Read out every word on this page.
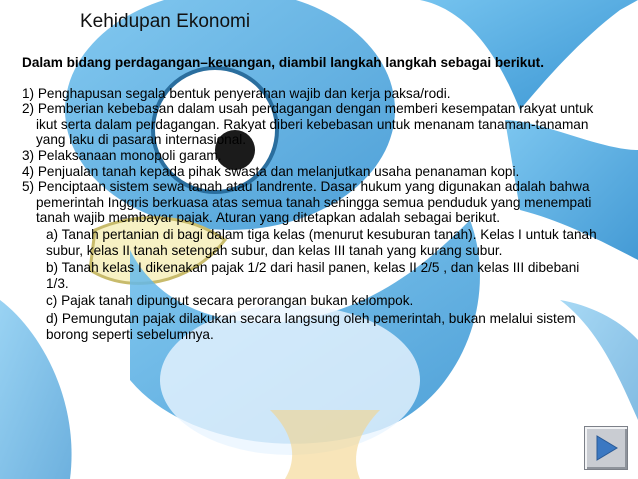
Kehidupan Ekonomi

Dalam bidang perdagangan–keuangan, diambil langkah langkah sebagai berikut.

1) Penghapusan segala bentuk penyerahan wajib dan kerja paksa/rodi.

2) Pemberian kebebasan dalam usah perdagangan dengan memberi kesempatan rakyat untuk ikut serta dalam perdagangan. Rakyat diberi kebebasan untuk menanam tanaman-tanaman yang laku di pasaran internasional.

3) Pelaksanaan monopoli garam.

4) Penjualan tanah kepada pihak swasta dan melanjutkan usaha penanaman kopi.

5) Penciptaan sistem sewa tanah atau landrente. Dasar hukum yang digunakan adalah bahwa pemerintah Inggris berkuasa atas semua tanah sehingga semua penduduk yang menempati tanah wajib membayar pajak. Aturan yang ditetapkan adalah sebagai berikut.

a) Tanah pertanian di bagi dalam tiga kelas (menurut kesuburan tanah). Kelas I untuk tanah subur, kelas II tanah setengah subur, dan kelas III tanah yang kurang subur.

b) Tanah kelas I dikenakan pajak 1/2 dari hasil panen, kelas II 2/5 , dan kelas III dibebani 1/3.

c) Pajak tanah dipungut secara perorangan bukan kelompok.

d) Pemungutan pajak dilakukan secara langsung oleh pemerintah, bukan melalui sistem borong seperti sebelumnya.
